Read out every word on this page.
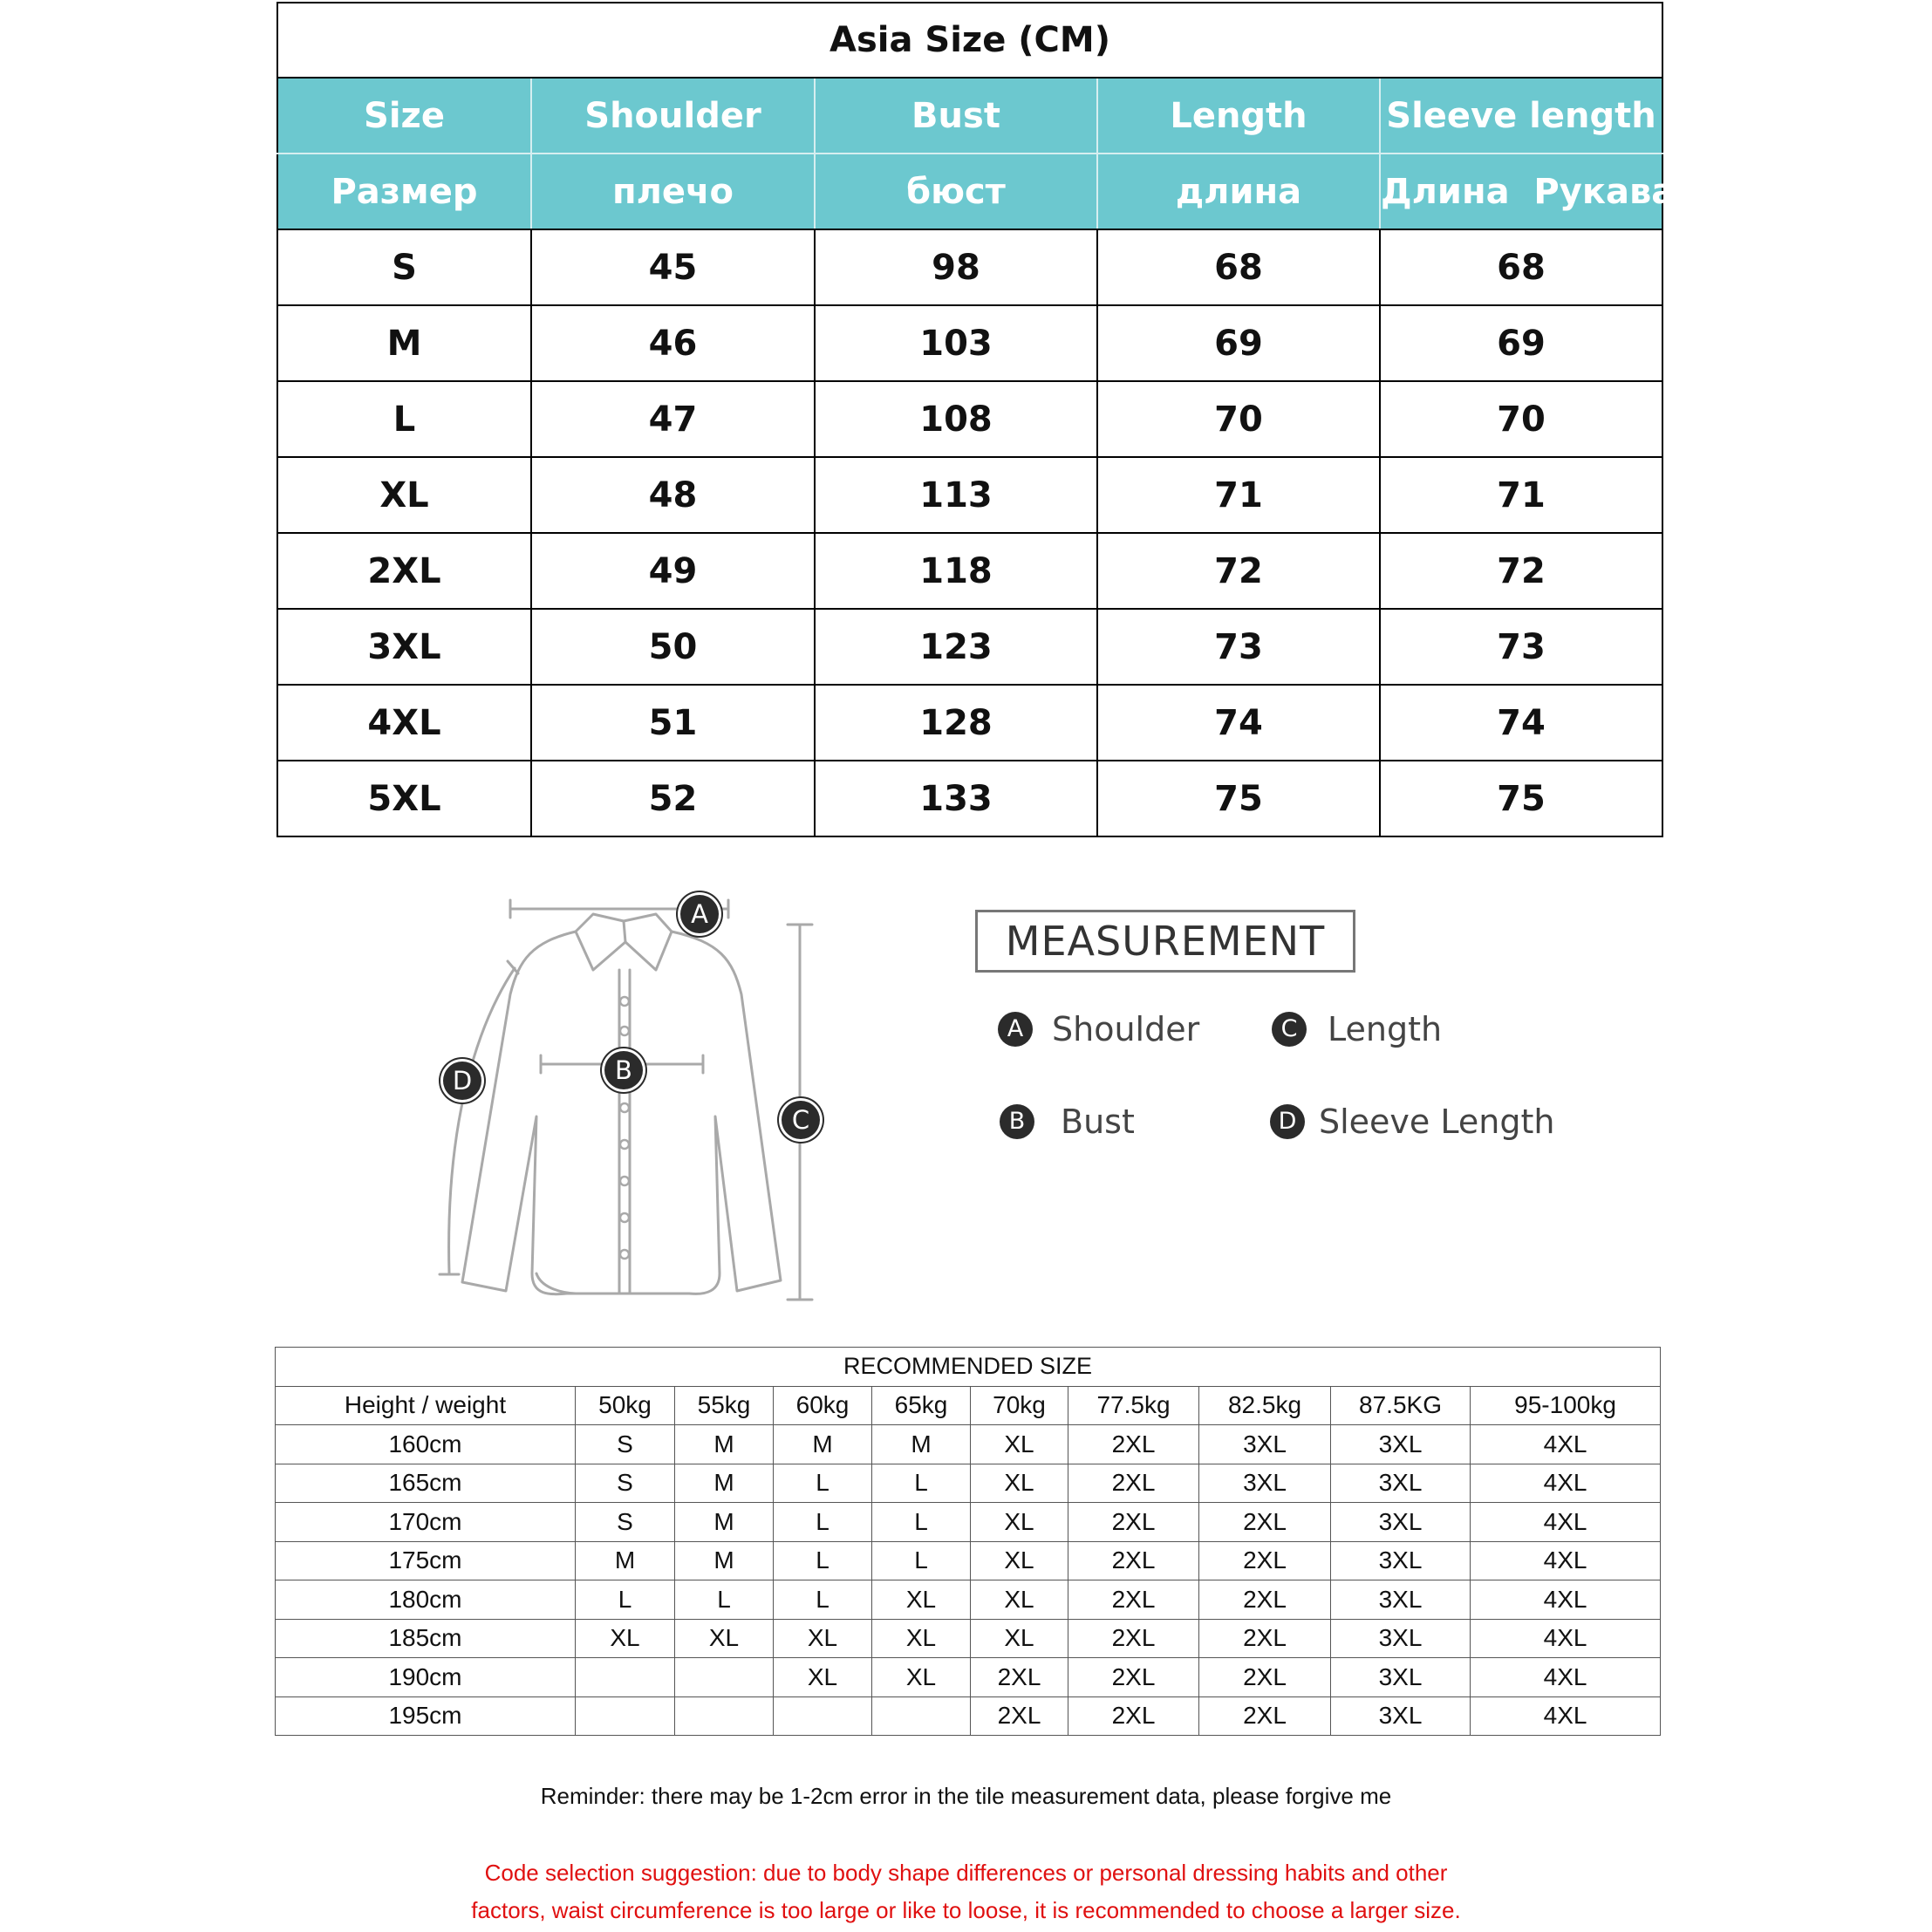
Asia Size (CM)				
Size	Shoulder	Bust	Length	Sleeve length
Размер	плечо	бюст	длина	Длина  Рукава
S	45	98	68	68
M	46	103	69	69
L	47	108	70	70
XL	48	113	71	71
2XL	49	118	72	72
3XL	50	123	73	73
4XL	51	128	74	74
5XL	52	133	75	75
A
B
C
D
MEASUREMENT
A Shoulder	C Length
B Bust	D Sleeve Length
RECOMMENDED SIZE									
Height / weight	50kg	55kg	60kg	65kg	70kg	77.5kg	82.5kg	87.5KG	95-100kg
160cm	S	M	M	M	XL	2XL	3XL	3XL	4XL
165cm	S	M	L	L	XL	2XL	3XL	3XL	4XL
170cm	S	M	L	L	XL	2XL	2XL	3XL	4XL
175cm	M	M	L	L	XL	2XL	2XL	3XL	4XL
180cm	L	L	L	XL	XL	2XL	2XL	3XL	4XL
185cm	XL	XL	XL	XL	XL	2XL	2XL	3XL	4XL
190cm			XL	XL	2XL	2XL	2XL	3XL	4XL
195cm					2XL	2XL	2XL	3XL	4XL
Reminder: there may be 1-2cm error in the tile measurement data, please forgive me
Code selection suggestion: due to body shape differences or personal dressing habits and other
factors, waist circumference is too large or like to loose, it is recommended to choose a larger size.
